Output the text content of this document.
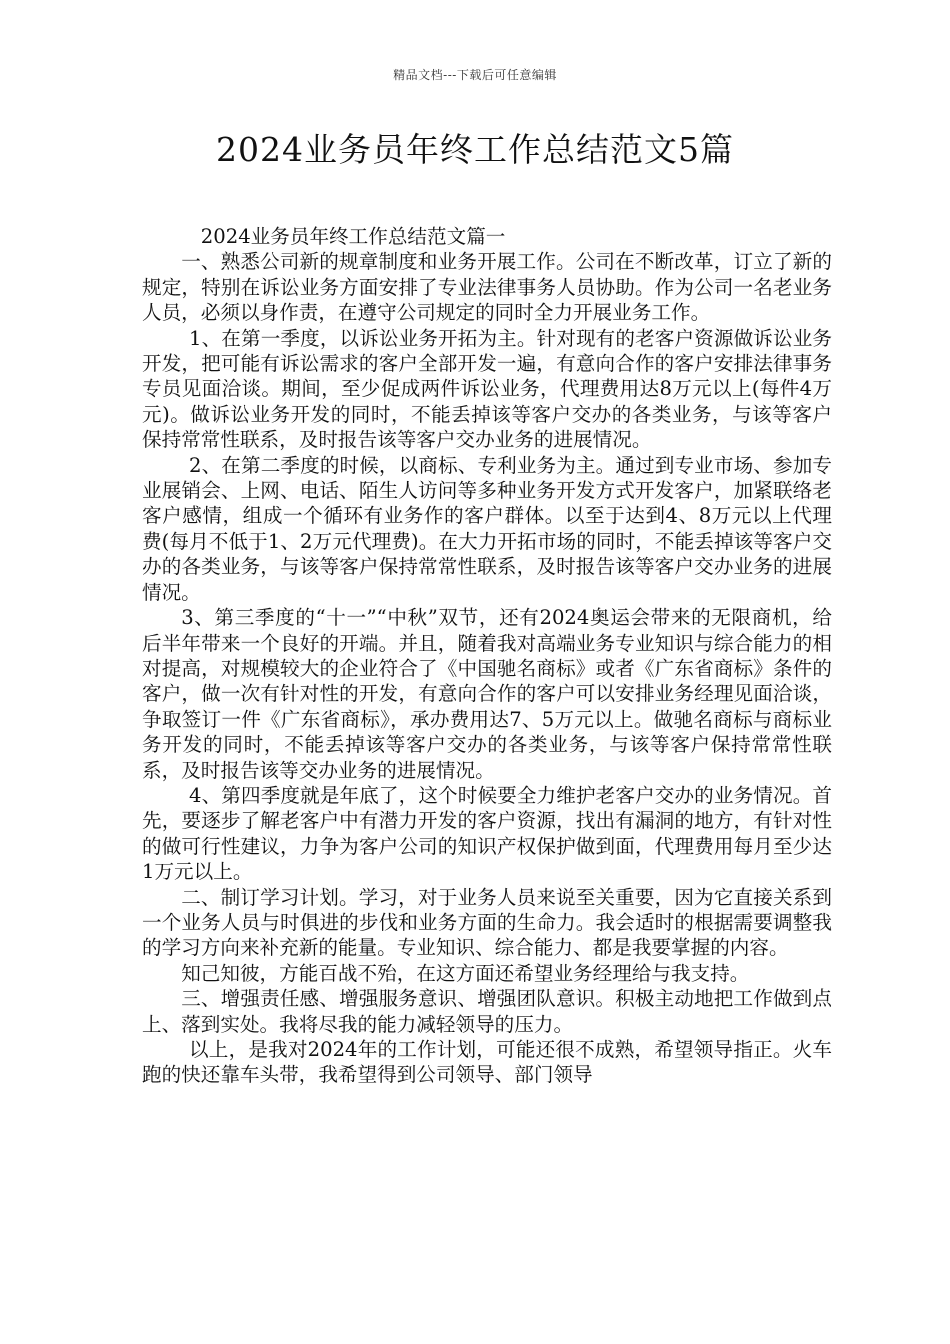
精品文档---下载后可任意编辑
2024业务员年终工作总结范文5篇

2024业务员年终工作总结范文篇一

一、熟悉公司新的规章制度和业务开展工作。公司在不断改革，订立了新的规定，特别在诉讼业务方面安排了专业法律事务人员协助。作为公司一名老业务人员，必须以身作责，在遵守公司规定的同时全力开展业务工作。

1、在第一季度，以诉讼业务开拓为主。针对现有的老客户资源做诉讼业务开发，把可能有诉讼需求的客户全部开发一遍，有意向合作的客户安排法律事务专员见面洽谈。期间，至少促成两件诉讼业务，代理费用达8万元以上(每件4万元)。做诉讼业务开发的同时，不能丢掉该等客户交办的各类业务，与该等客户保持常常性联系，及时报告该等客户交办业务的进展情况。

2、在第二季度的时候，以商标、专利业务为主。通过到专业市场、参加专业展销会、上网、电话、陌生人访问等多种业务开发方式开发客户，加紧联络老客户感情，组成一个循环有业务作的客户群体。以至于达到4、8万元以上代理费(每月不低于1、2万元代理费)。在大力开拓市场的同时，不能丢掉该等客户交办的各类业务，与该等客户保持常常性联系，及时报告该等客户交办业务的进展情况。

3、第三季度的“十一”“中秋”双节，还有2024奥运会带来的无限商机，给后半年带来一个良好的开端。并且，随着我对高端业务专业知识与综合能力的相对提高，对规模较大的企业符合了《中国驰名商标》或者《广东省商标》条件的客户，做一次有针对性的开发，有意向合作的客户可以安排业务经理见面洽谈，争取签订一件《广东省商标》，承办费用达7、5万元以上。做驰名商标与商标业务开发的同时，不能丢掉该等客户交办的各类业务，与该等客户保持常常性联系，及时报告该等交办业务的进展情况。

4、第四季度就是年底了，这个时候要全力维护老客户交办的业务情况。首先，要逐步了解老客户中有潜力开发的客户资源，找出有漏洞的地方，有针对性的做可行性建议，力争为客户公司的知识产权保护做到面，代理费用每月至少达1万元以上。

二、制订学习计划。学习，对于业务人员来说至关重要，因为它直接关系到一个业务人员与时俱进的步伐和业务方面的生命力。我会适时的根据需要调整我的学习方向来补充新的能量。专业知识、综合能力、都是我要掌握的内容。

知己知彼，方能百战不殆，在这方面还希望业务经理给与我支持。

三、增强责任感、增强服务意识、增强团队意识。积极主动地把工作做到点上、落到实处。我将尽我的能力减轻领导的压力。

以上，是我对2024年的工作计划，可能还很不成熟，希望领导指正。火车跑的快还靠车头带，我希望得到公司领导、部门领导
